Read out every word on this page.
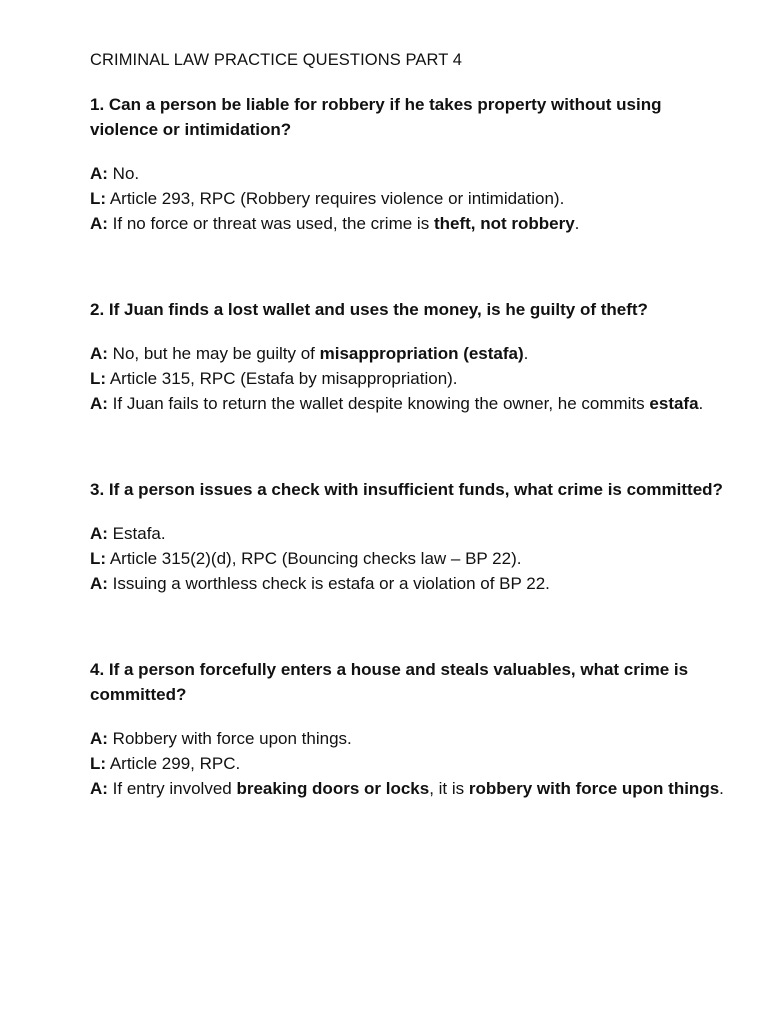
CRIMINAL LAW PRACTICE QUESTIONS PART 4

1. Can a person be liable for robbery if he takes property without using violence or intimidation?

A: No.

L: Article 293, RPC (Robbery requires violence or intimidation).

A: If no force or threat was used, the crime is theft, not robbery.

2. If Juan finds a lost wallet and uses the money, is he guilty of theft?

A: No, but he may be guilty of misappropriation (estafa).

L: Article 315, RPC (Estafa by misappropriation).

A: If Juan fails to return the wallet despite knowing the owner, he commits estafa.

3. If a person issues a check with insufficient funds, what crime is committed?

A: Estafa.

L: Article 315(2)(d), RPC (Bouncing checks law – BP 22).

A: Issuing a worthless check is estafa or a violation of BP 22.

4. If a person forcefully enters a house and steals valuables, what crime is committed?

A: Robbery with force upon things.

L: Article 299, RPC.

A: If entry involved breaking doors or locks, it is robbery with force upon things.
